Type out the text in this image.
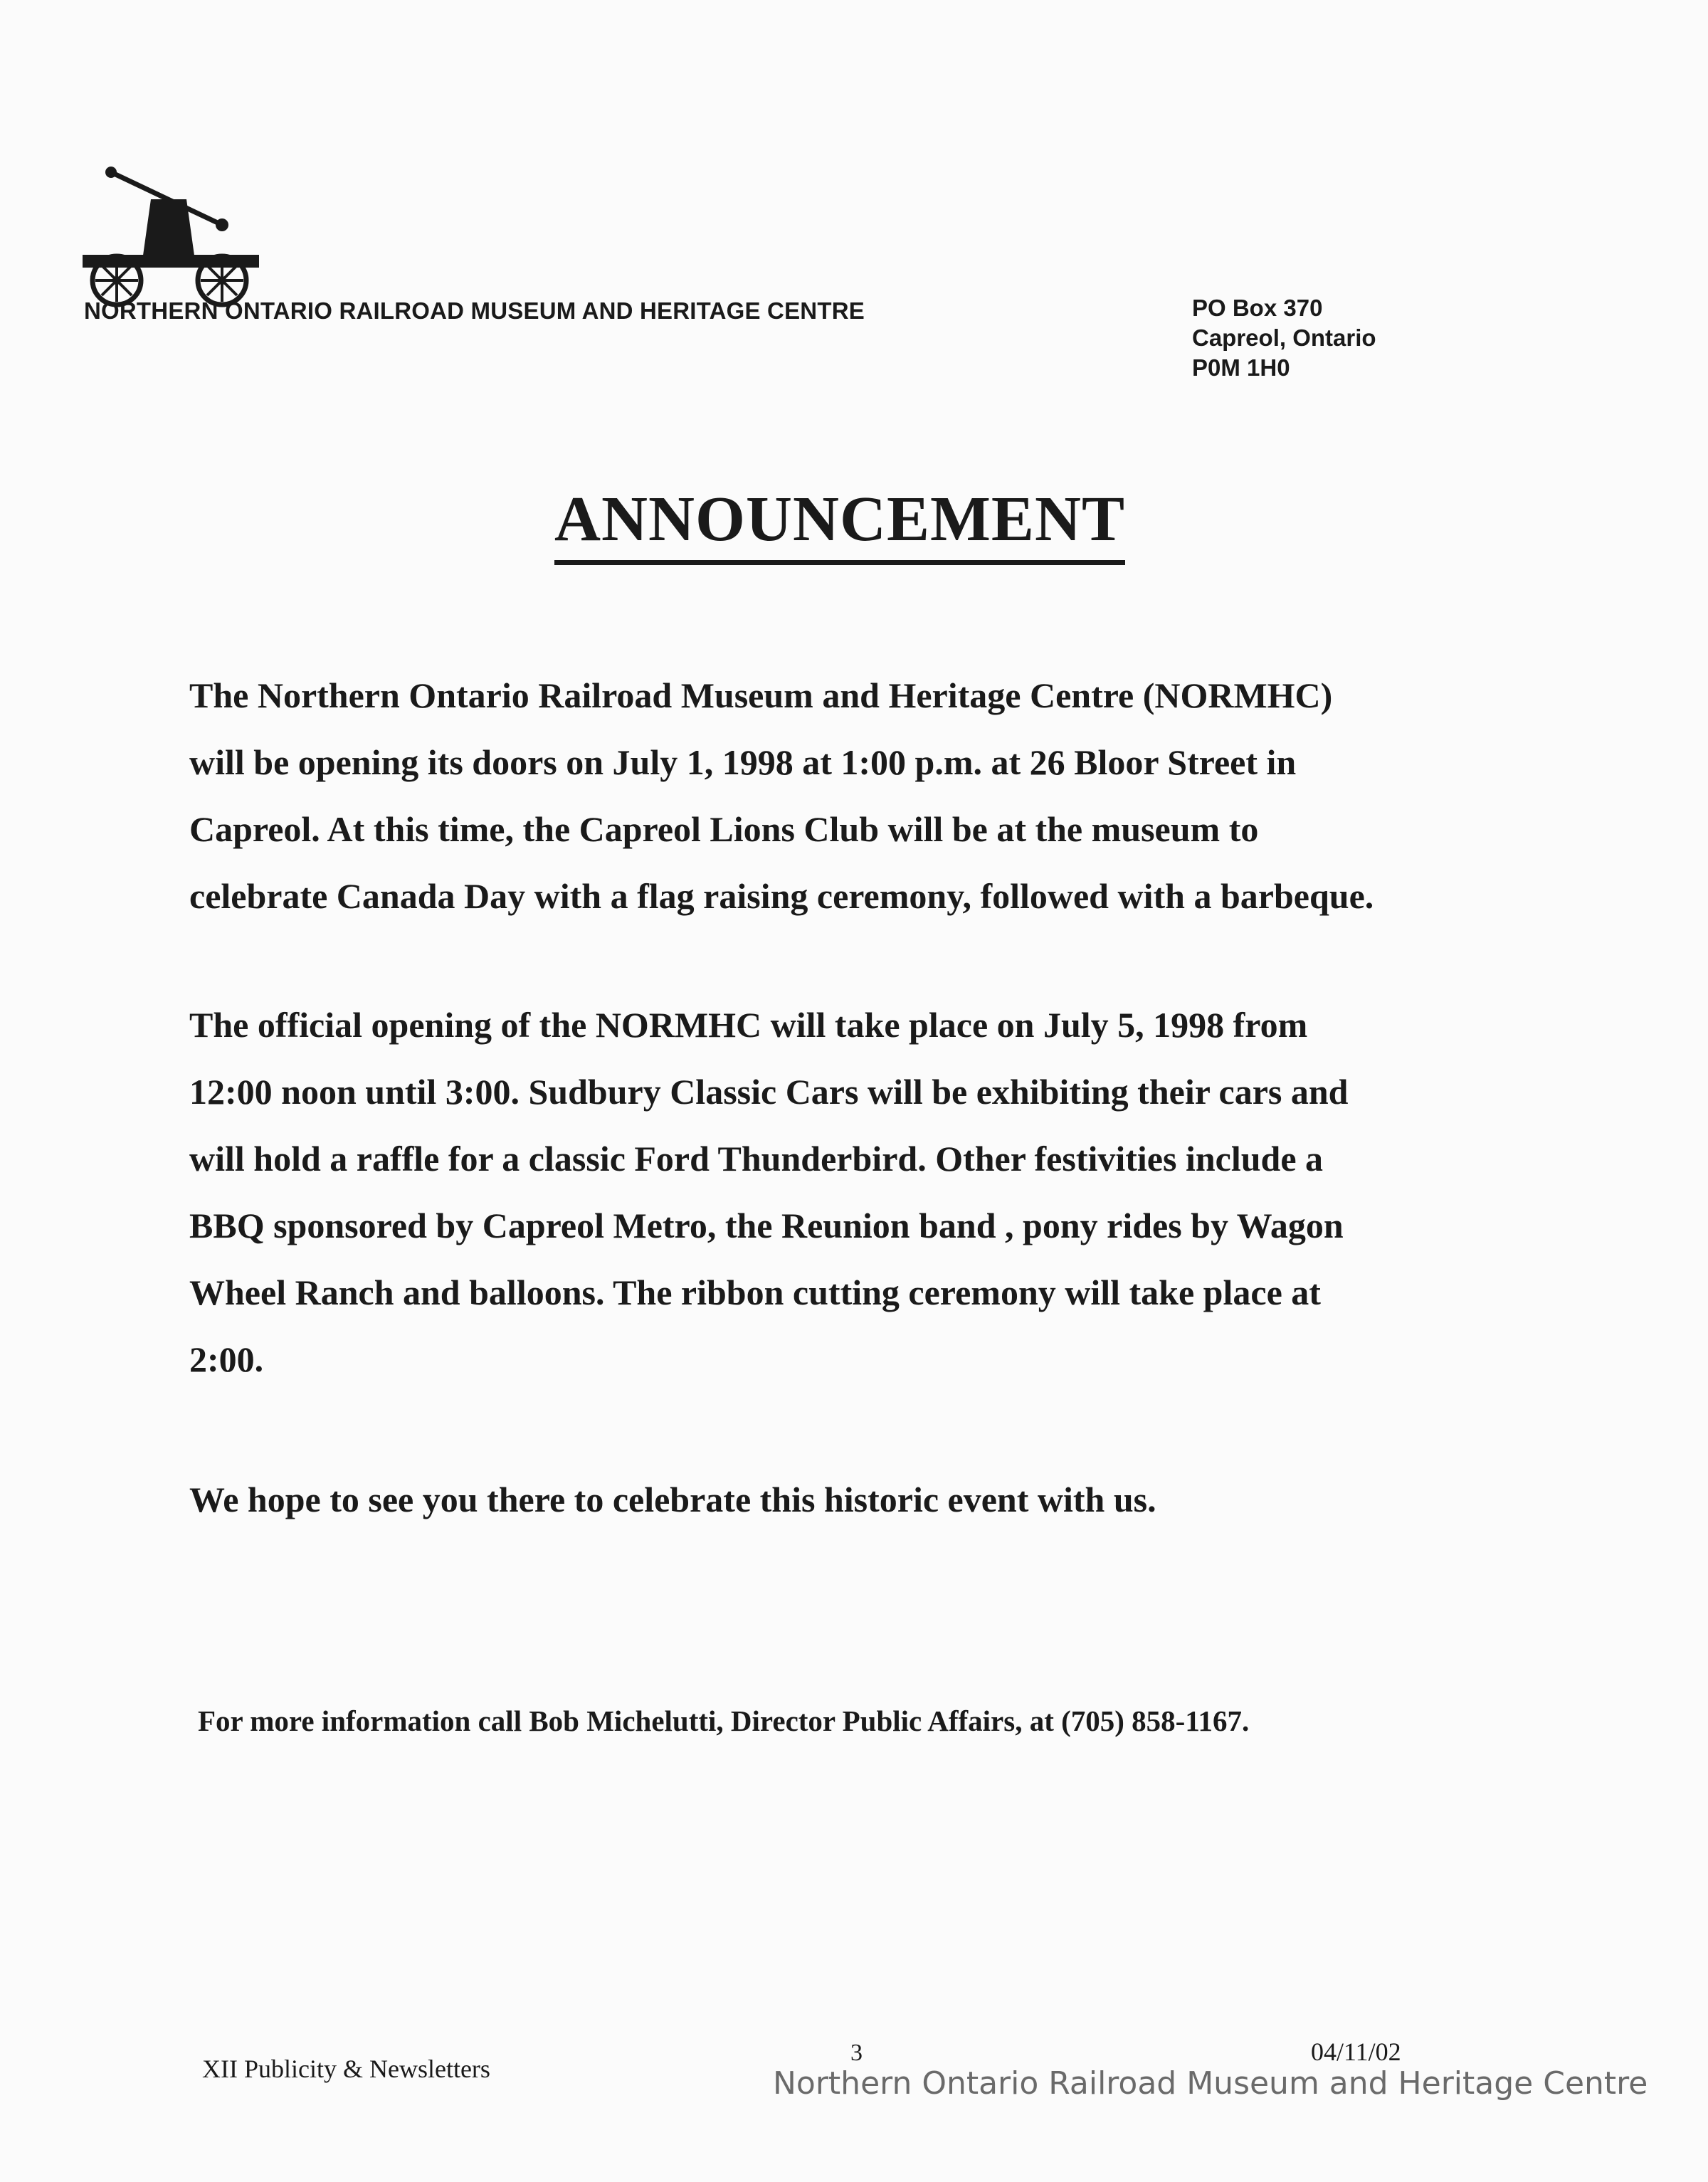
NORTHERN ONTARIO RAILROAD MUSEUM AND HERITAGE CENTRE	PO Box 370
Capreol, Ontario
P0M 1H0
ANNOUNCEMENT
The Northern Ontario Railroad Museum and Heritage Centre (NORMHC)
will be opening its doors on July 1, 1998 at 1:00 p.m. at 26 Bloor Street in
Capreol. At this time, the Capreol Lions Club will be at the museum to
celebrate Canada Day with a flag raising ceremony, followed with a barbeque.
The official opening of the NORMHC will take place on July 5, 1998 from
12:00 noon until 3:00. Sudbury Classic Cars will be exhibiting their cars and
will hold a raffle for a classic Ford Thunderbird. Other festivities include a
BBQ sponsored by Capreol Metro, the Reunion band , pony rides by Wagon
Wheel Ranch and balloons. The ribbon cutting ceremony will take place at
2:00.
We hope to see you there to celebrate this historic event with us.
For more information call Bob Michelutti, Director Public Affairs, at (705) 858-1167.
XII Publicity & Newsletters
3	04/11/02
Northern Ontario Railroad Museum and Heritage Centre
